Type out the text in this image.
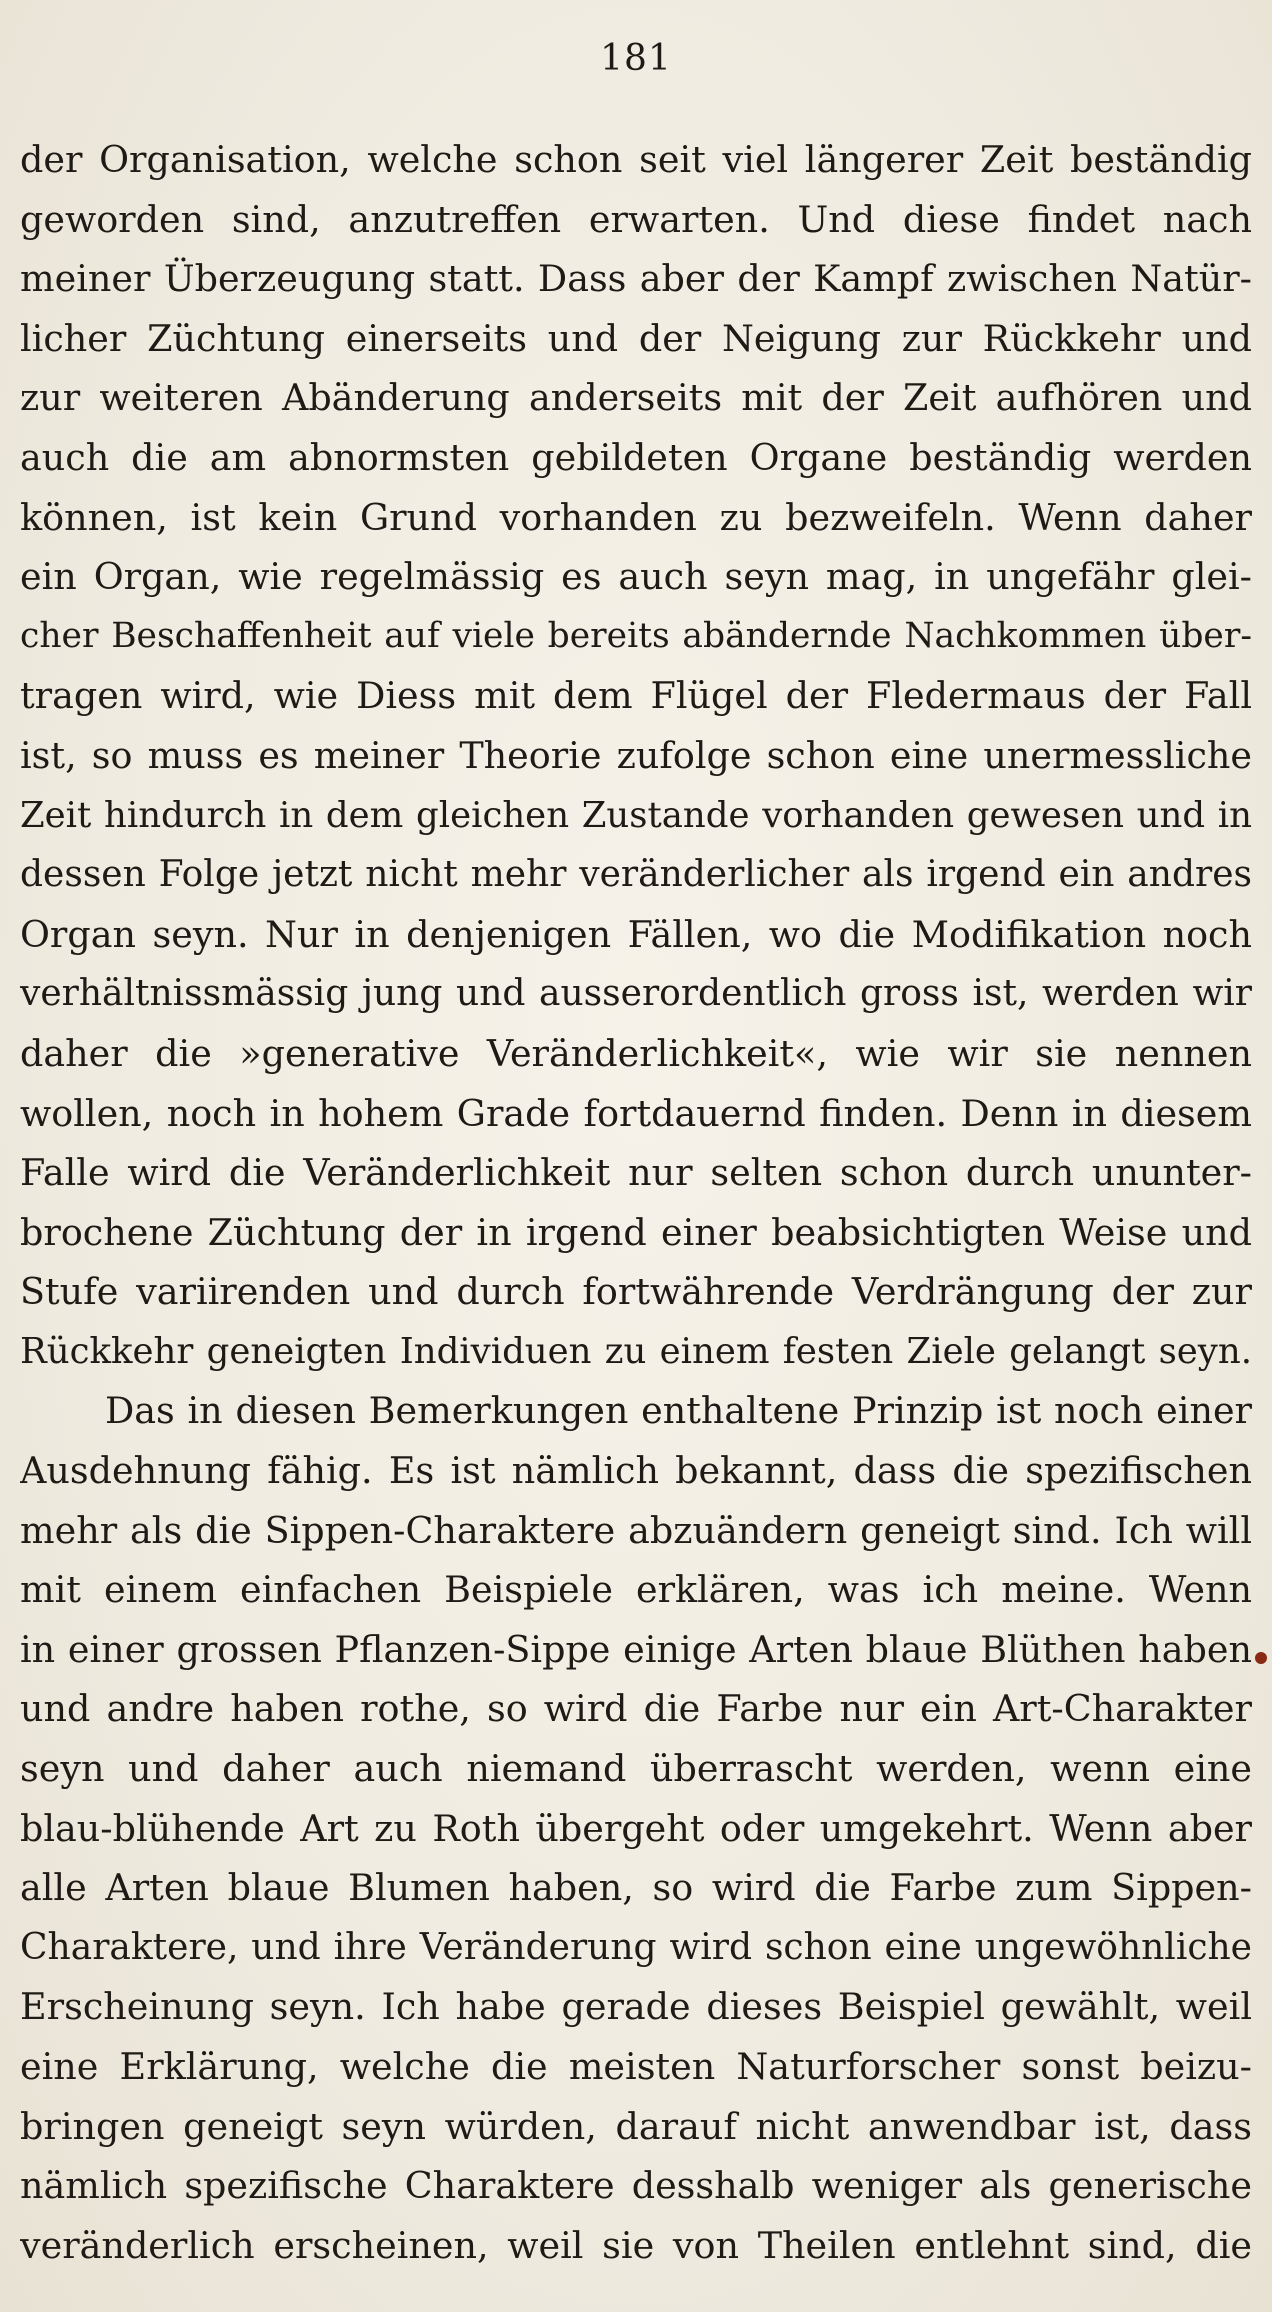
181
der Organisation, welche schon seit viel längerer Zeit beständig
geworden sind, anzutreffen erwarten. Und diese findet nach
meiner Überzeugung statt. Dass aber der Kampf zwischen Natür-
licher Züchtung einerseits und der Neigung zur Rückkehr und
zur weiteren Abänderung anderseits mit der Zeit aufhören und
auch die am abnormsten gebildeten Organe beständig werden
können, ist kein Grund vorhanden zu bezweifeln. Wenn daher
ein Organ, wie regelmässig es auch seyn mag, in ungefähr glei-
cher Beschaffenheit auf viele bereits abändernde Nachkommen über-
tragen wird, wie Diess mit dem Flügel der Fledermaus der Fall
ist, so muss es meiner Theorie zufolge schon eine unermessliche
Zeit hindurch in dem gleichen Zustande vorhanden gewesen und in
dessen Folge jetzt nicht mehr veränderlicher als irgend ein andres
Organ seyn. Nur in denjenigen Fällen, wo die Modifikation noch
verhältnissmässig jung und ausserordentlich gross ist, werden wir
daher die »generative Veränderlichkeit«, wie wir sie nennen
wollen, noch in hohem Grade fortdauernd finden. Denn in diesem
Falle wird die Veränderlichkeit nur selten schon durch ununter-
brochene Züchtung der in irgend einer beabsichtigten Weise und
Stufe variirenden und durch fortwährende Verdrängung der zur
Rückkehr geneigten Individuen zu einem festen Ziele gelangt seyn.
Das in diesen Bemerkungen enthaltene Prinzip ist noch einer
Ausdehnung fähig. Es ist nämlich bekannt, dass die spezifischen
mehr als die Sippen-Charaktere abzuändern geneigt sind. Ich will
mit einem einfachen Beispiele erklären, was ich meine. Wenn
in einer grossen Pflanzen-Sippe einige Arten blaue Blüthen haben
und andre haben rothe, so wird die Farbe nur ein Art-Charakter
seyn und daher auch niemand überrascht werden, wenn eine
blau-blühende Art zu Roth übergeht oder umgekehrt. Wenn aber
alle Arten blaue Blumen haben, so wird die Farbe zum Sippen-
Charaktere, und ihre Veränderung wird schon eine ungewöhnliche
Erscheinung seyn. Ich habe gerade dieses Beispiel gewählt, weil
eine Erklärung, welche die meisten Naturforscher sonst beizu-
bringen geneigt seyn würden, darauf nicht anwendbar ist, dass
nämlich spezifische Charaktere desshalb weniger als generische
veränderlich erscheinen, weil sie von Theilen entlehnt sind, die
